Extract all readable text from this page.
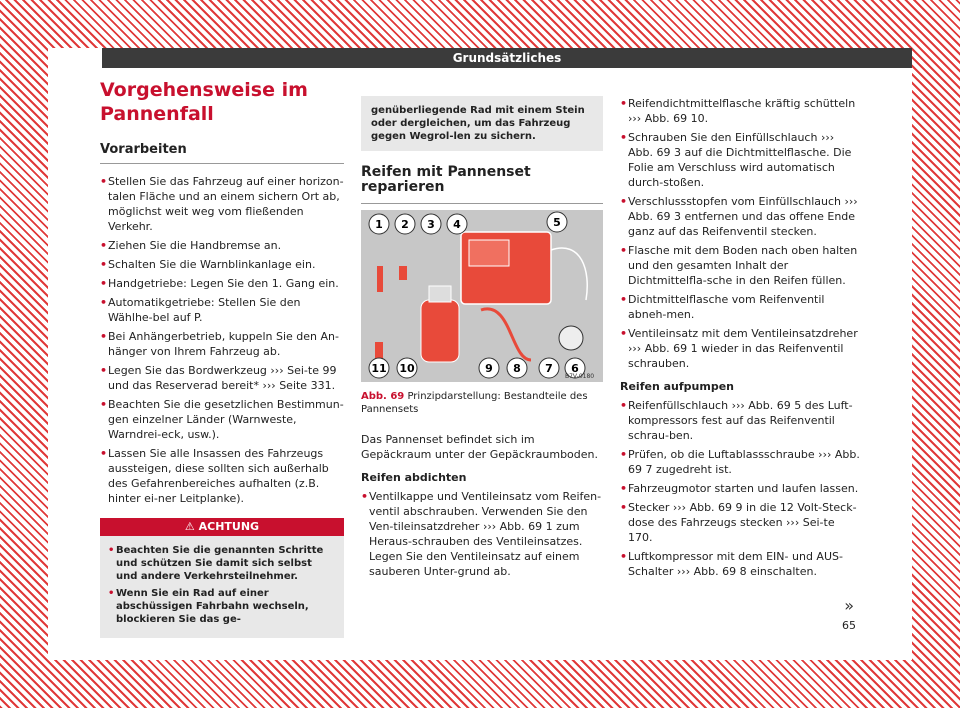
Grundsätzliches
Vorgehensweise im Pannenfall
Vorarbeiten
• Stellen Sie das Fahrzeug auf einer horizon-talen Fläche und an einem sichern Ort ab, möglichst weit weg vom fließenden Verkehr.
• Ziehen Sie die Handbremse an.
• Schalten Sie die Warnblinkanlage ein.
• Handgetriebe: Legen Sie den 1. Gang ein.
• Automatikgetriebe: Stellen Sie den Wählhe-bel auf P.
• Bei Anhängerbetrieb, kuppeln Sie den An-hänger von Ihrem Fahrzeug ab.
• Legen Sie das Bordwerkzeug ››› Sei-te 99 und das Reserverad bereit* ››› Seite 331.
• Beachten Sie die gesetzlichen Bestimmun-gen einzelner Länder (Warnweste, Warndrei-eck, usw.).
• Lassen Sie alle Insassen des Fahrzeugs aussteigen, diese sollten sich außerhalb des Gefahrenbereiches aufhalten (z.B. hinter ei-ner Leitplanke).
⚠ ACHTUNG
• Beachten Sie die genannten Schritte und schützen Sie damit sich selbst und andere Verkehrsteilnehmer.
• Wenn Sie ein Rad auf einer abschüssigen Fahrbahn wechseln, blockieren Sie das ge-
genüberliegende Rad mit einem Stein oder dergleichen, um das Fahrzeug gegen Wegrol-len zu sichern.
Reifen mit Pannenset reparieren
1 2 3 4	5
11 10	9 8 7 6
B7V-0180
Abb. 69 Prinzipdarstellung: Bestandteile des Pannensets
Das Pannenset befindet sich im Gepäckraum unter der Gepäckraumboden.
Reifen abdichten
• Ventilkappe und Ventileinsatz vom Reifen-ventil abschrauben. Verwenden Sie den Ven-tileinsatzdreher ››› Abb. 69 1 zum Heraus-schrauben des Ventileinsatzes. Legen Sie den Ventileinsatz auf einem sauberen Unter-grund ab.
• Reifendichtmittelflasche kräftig schütteln ››› Abb. 69 10.
• Schrauben Sie den Einfüllschlauch ››› Abb. 69 3 auf die Dichtmittelflasche. Die Folie am Verschluss wird automatisch durch-stoßen.
• Verschlussstopfen vom Einfüllschlauch ››› Abb. 69 3 entfernen und das offene Ende ganz auf das Reifenventil stecken.
• Flasche mit dem Boden nach oben halten und den gesamten Inhalt der Dichtmittelfla-sche in den Reifen füllen.
• Dichtmittelflasche vom Reifenventil abneh-men.
• Ventileinsatz mit dem Ventileinsatzdreher ››› Abb. 69 1 wieder in das Reifenventil schrauben.
Reifen aufpumpen
• Reifenfüllschlauch ››› Abb. 69 5 des Luft-kompressors fest auf das Reifenventil schrau-ben.
• Prüfen, ob die Luftablassschraube ››› Abb. 69 7 zugedreht ist.
• Fahrzeugmotor starten und laufen lassen.
• Stecker ››› Abb. 69 9 in die 12 Volt-Steck-dose des Fahrzeugs stecken ››› Sei-te 170.
• Luftkompressor mit dem EIN- und AUS-Schalter ››› Abb. 69 8 einschalten.
»
65
